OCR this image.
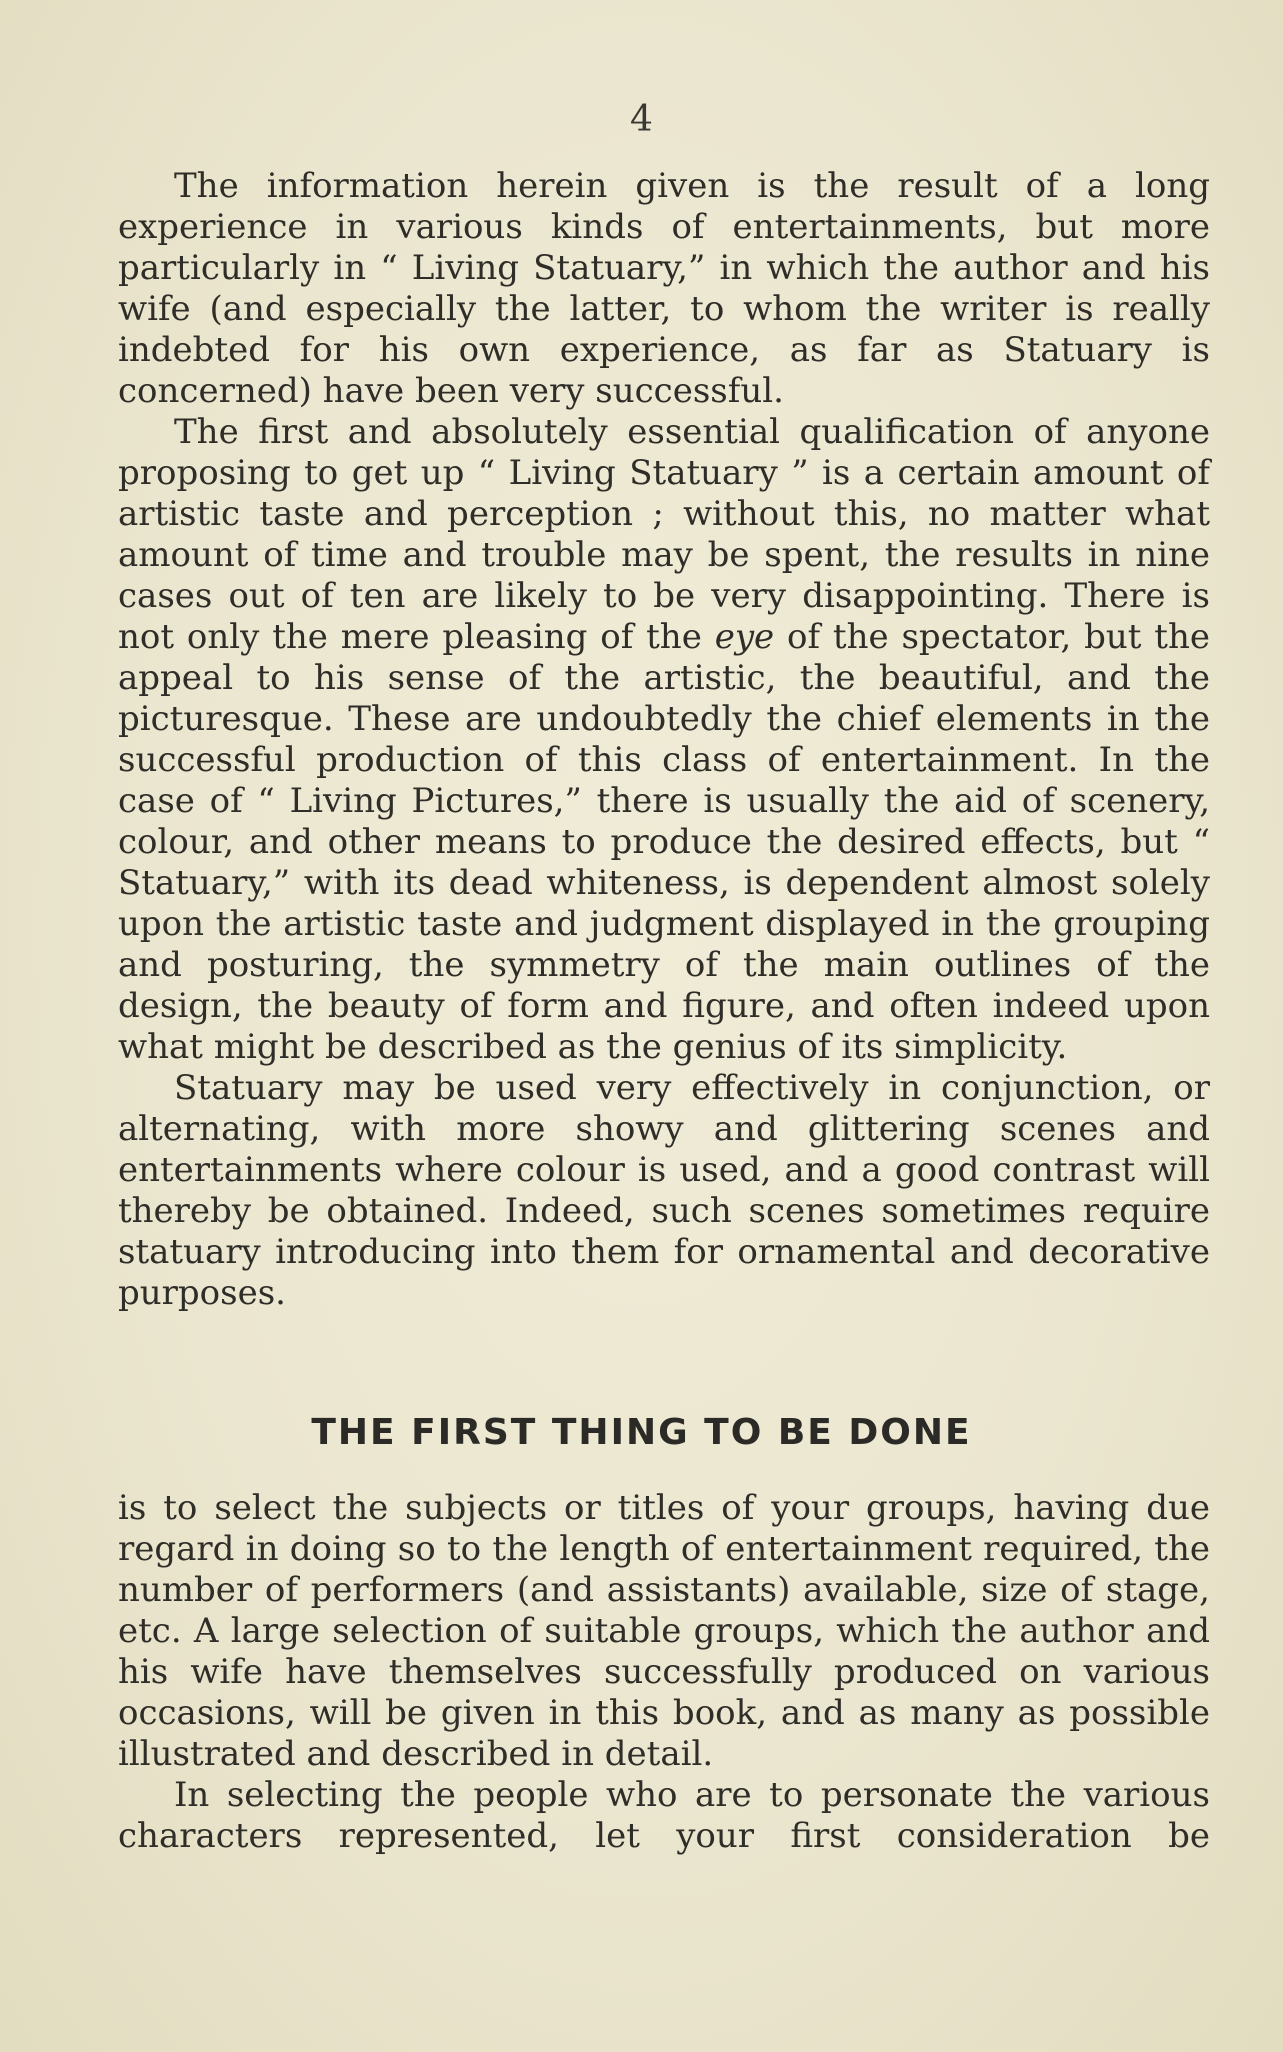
4

The information herein given is the result of a long experience in various kinds of entertainments, but more particularly in “ Living Statuary,” in which the author and his wife (and especially the latter, to whom the writer is really indebted for his own experience, as far as Statuary is concerned) have been very successful.

The first and absolutely essential qualification of anyone proposing to get up “ Living Statuary ” is a certain amount of artistic taste and perception ; without this, no matter what amount of time and trouble may be spent, the results in nine cases out of ten are likely to be very disappointing. There is not only the mere pleasing of the eye of the spectator, but the appeal to his sense of the artistic, the beautiful, and the picturesque. These are undoubtedly the chief elements in the successful production of this class of entertainment. In the case of “ Living Pictures,” there is usually the aid of scenery, colour, and other means to produce the desired effects, but “ Statuary,” with its dead whiteness, is dependent almost solely upon the artistic taste and judgment displayed in the grouping and posturing, the symmetry of the main outlines of the design, the beauty of form and figure, and often indeed upon what might be described as the genius of its simplicity.

Statuary may be used very effectively in conjunction, or alternating, with more showy and glittering scenes and entertainments where colour is used, and a good contrast will thereby be obtained. Indeed, such scenes sometimes require statuary introducing into them for ornamental and decorative purposes.

THE FIRST THING TO BE DONE

is to select the subjects or titles of your groups, having due regard in doing so to the length of entertainment required, the number of performers (and assistants) available, size of stage, etc. A large selection of suitable groups, which the author and his wife have themselves successfully produced on various occasions, will be given in this book, and as many as possible illustrated and described in detail.

In selecting the people who are to personate the various characters represented, let your first consideration be
